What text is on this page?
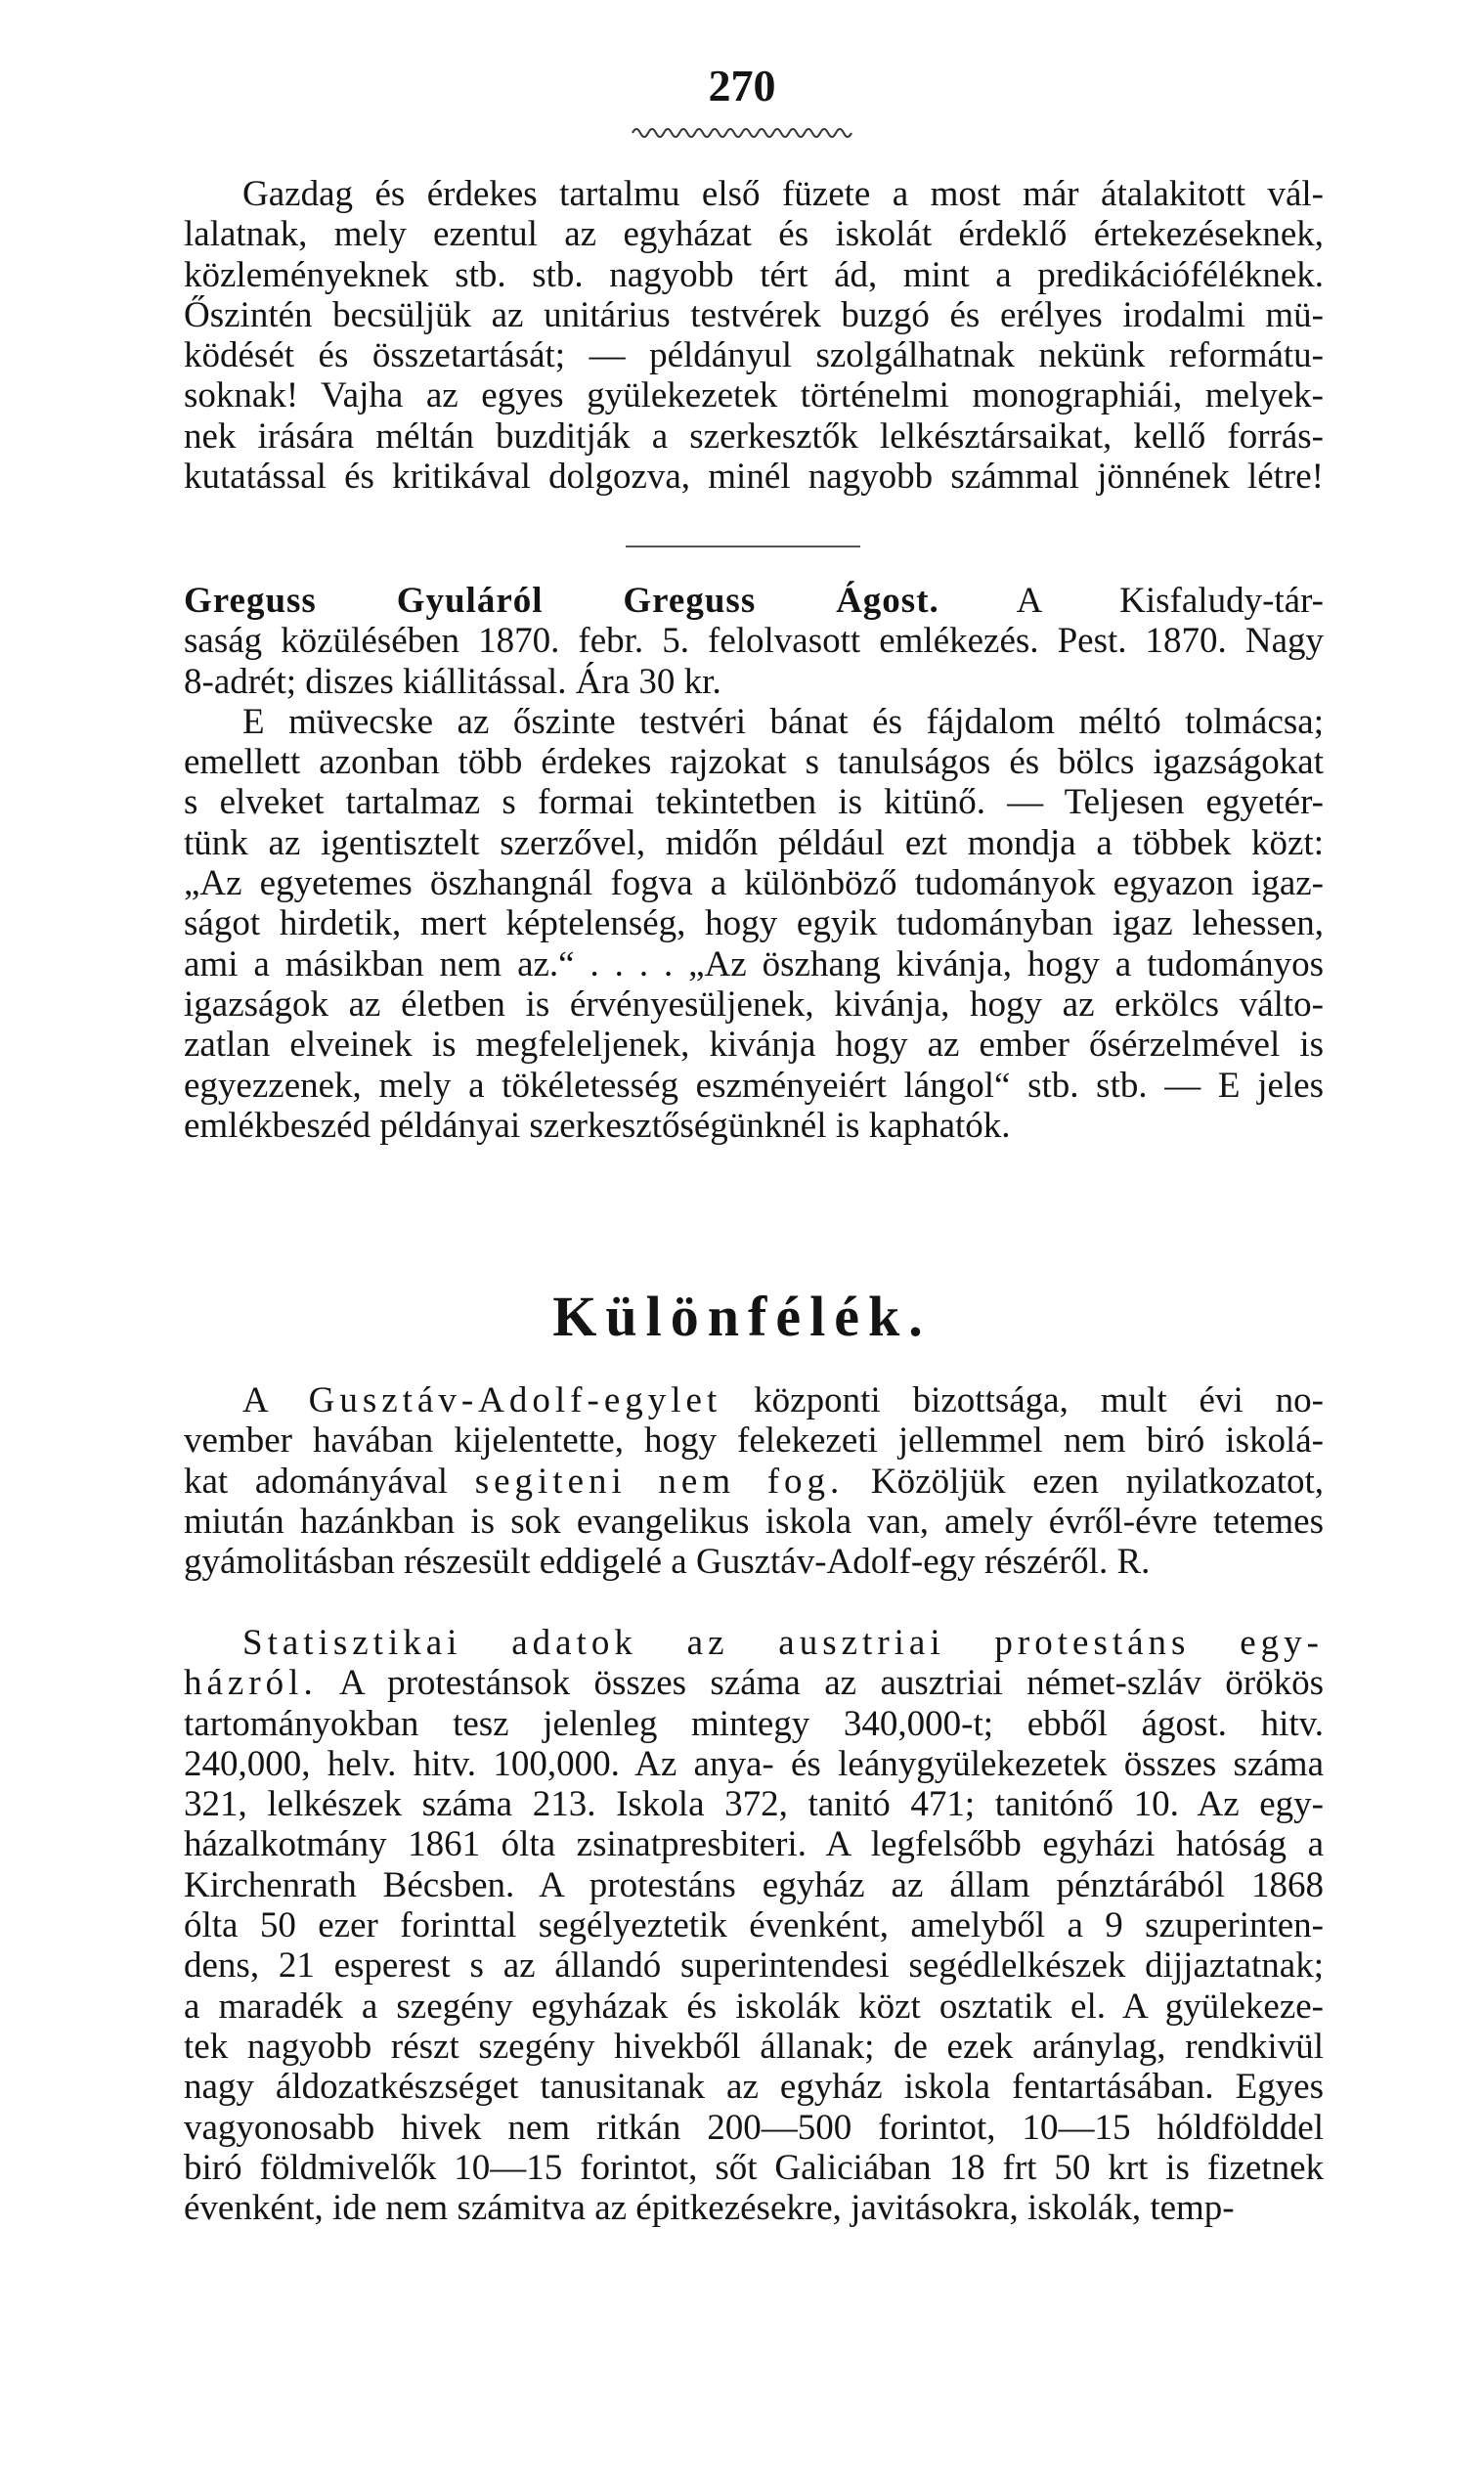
270

Gazdag és érdekes tartalmu első füzete a most már átalakitott vál-

lalatnak, mely ezentul az egyházat és iskolát érdeklő értekezéseknek,

közleményeknek stb. stb. nagyobb tért ád, mint a predikációféléknek.

Őszintén becsüljük az unitárius testvérek buzgó és erélyes irodalmi mü-

ködését és összetartását; — példányul szolgálhatnak nekünk reformátu-

soknak! Vajha az egyes gyülekezetek történelmi monographiái, melyek-

nek irására méltán buzditják a szerkesztők lelkésztársaikat, kellő forrás-

kutatással és kritikával dolgozva, minél nagyobb számmal jönnének létre!

Greguss Gyuláról Greguss Ágost. A Kisfaludy-tár-

saság közülésében 1870. febr. 5. felolvasott emlékezés. Pest. 1870. Nagy

8-adrét; diszes kiállitással. Ára 30 kr.

E müvecske az őszinte testvéri bánat és fájdalom méltó tolmácsa;

emellett azonban több érdekes rajzokat s tanulságos és bölcs igazságokat

s elveket tartalmaz s formai tekintetben is kitünő. — Teljesen egyetér-

tünk az igentisztelt szerzővel, midőn például ezt mondja a többek közt:

„Az egyetemes öszhangnál fogva a különböző tudományok egyazon igaz-

ságot hirdetik, mert képtelenség, hogy egyik tudományban igaz lehessen,

ami a másikban nem az.“ . . . . „Az öszhang kivánja, hogy a tudományos

igazságok az életben is érvényesüljenek, kivánja, hogy az erkölcs válto-

zatlan elveinek is megfeleljenek, kivánja hogy az ember ősérzelmével is

egyezzenek, mely a tökéletesség eszményeiért lángol“ stb. stb. — E jeles

emlékbeszéd példányai szerkesztőségünknél is kaphatók.

Különfélék.

A Gusztáv-Adolf-egylet központi bizottsága, mult évi no-

vember havában kijelentette, hogy felekezeti jellemmel nem biró iskolá-

kat adományával segiteni nem fog. Közöljük ezen nyilatkozatot,

miután hazánkban is sok evangelikus iskola van, amely évről-évre tetemes

gyámolitásban részesült eddigelé a Gusztáv-Adolf-egy részéről. R.

Statisztikai adatok az ausztriai protestáns egy-

házról. A protestánsok összes száma az ausztriai német-szláv örökös

tartományokban tesz jelenleg mintegy 340,000-t; ebből ágost. hitv.

240,000, helv. hitv. 100,000. Az anya- és leánygyülekezetek összes száma

321, lelkészek száma 213. Iskola 372, tanitó 471; tanitónő 10. Az egy-

házalkotmány 1861 ólta zsinatpresbiteri. A legfelsőbb egyházi hatóság a

Kirchenrath Bécsben. A protestáns egyház az állam pénztárából 1868

ólta 50 ezer forinttal segélyeztetik évenként, amelyből a 9 szuperinten-

dens, 21 esperest s az állandó superintendesi segédlelkészek dijjaztatnak;

a maradék a szegény egyházak és iskolák közt osztatik el. A gyülekeze-

tek nagyobb részt szegény hivekből állanak; de ezek aránylag, rendkivül

nagy áldozatkészséget tanusitanak az egyház iskola fentartásában. Egyes

vagyonosabb hivek nem ritkán 200—500 forintot, 10—15 hóldfölddel

biró földmivelők 10—15 forintot, sőt Galiciában 18 frt 50 krt is fizetnek

évenként, ide nem számitva az épitkezésekre, javitásokra, iskolák, temp-
